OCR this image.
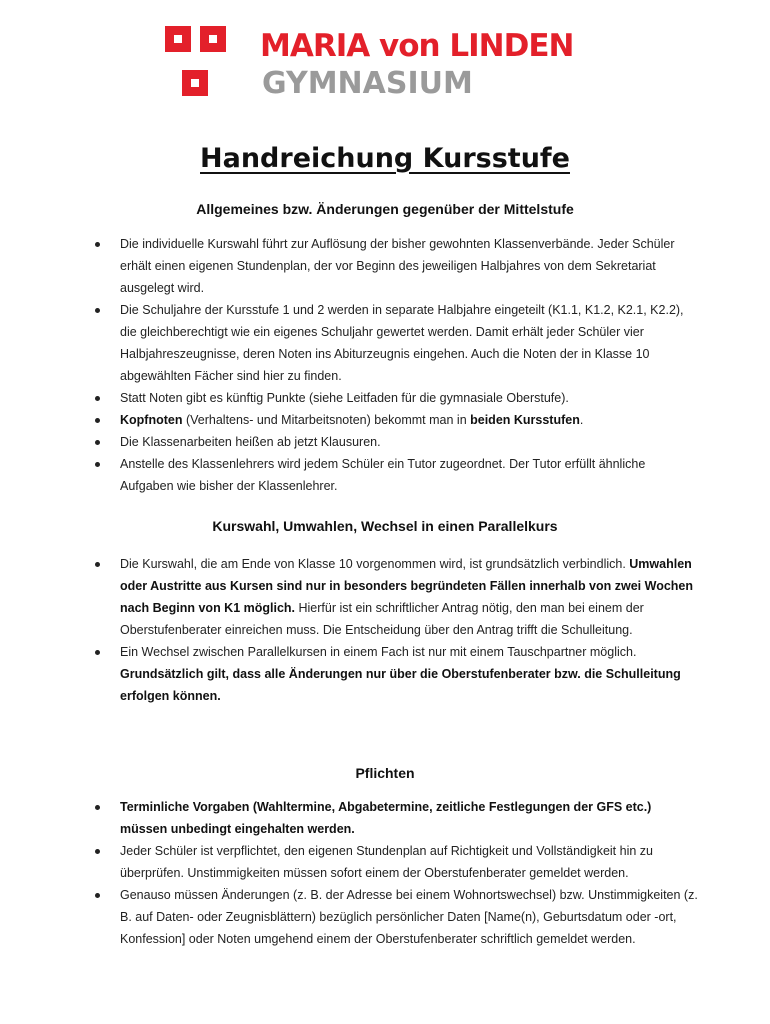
MARIA von LINDEN

GYMNASIUM

Handreichung Kursstufe
Allgemeines bzw. Änderungen gegenüber der Mittelstufe
Die individuelle Kurswahl führt zur Auflösung der bisher gewohnten Klassenverbände. Jeder Schüler erhält einen eigenen Stundenplan, der vor Beginn des jeweiligen Halbjahres von dem Sekretariat ausgelegt wird.
Die Schuljahre der Kursstufe 1 und 2 werden in separate Halbjahre eingeteilt (K1.1, K1.2, K2.1, K2.2), die gleichberechtigt wie ein eigenes Schuljahr gewertet werden. Damit erhält jeder Schüler vier Halbjahreszeugnisse, deren Noten ins Abiturzeugnis eingehen. Auch die Noten der in Klasse 10 abgewählten Fächer sind hier zu finden.
Statt Noten gibt es künftig Punkte (siehe Leitfaden für die gymnasiale Oberstufe).
Kopfnoten (Verhaltens- und Mitarbeitsnoten) bekommt man in beiden Kursstufen.
Die Klassenarbeiten heißen ab jetzt Klausuren.
Anstelle des Klassenlehrers wird jedem Schüler ein Tutor zugeordnet. Der Tutor erfüllt ähnliche Aufgaben wie bisher der Klassenlehrer.
Kurswahl, Umwahlen, Wechsel in einen Parallelkurs
Die Kurswahl, die am Ende von Klasse 10 vorgenommen wird, ist grundsätzlich verbindlich. Umwahlen oder Austritte aus Kursen sind nur in besonders begründeten Fällen innerhalb von zwei Wochen nach Beginn von K1 möglich. Hierfür ist ein schriftlicher Antrag nötig, den man bei einem der Oberstufenberater einreichen muss. Die Entscheidung über den Antrag trifft die Schulleitung.
Ein Wechsel zwischen Parallelkursen in einem Fach ist nur mit einem Tauschpartner möglich. Grundsätzlich gilt, dass alle Änderungen nur über die Oberstufenberater bzw. die Schulleitung erfolgen können.
Pflichten
Terminliche Vorgaben (Wahltermine, Abgabetermine, zeitliche Festlegungen der GFS etc.) müssen unbedingt eingehalten werden.
Jeder Schüler ist verpflichtet, den eigenen Stundenplan auf Richtigkeit und Vollständigkeit hin zu überprüfen. Unstimmigkeiten müssen sofort einem der Oberstufenberater gemeldet werden.
Genauso müssen Änderungen (z. B. der Adresse bei einem Wohnortswechsel) bzw. Unstimmigkeiten (z. B. auf Daten- oder Zeugnisblättern) bezüglich persönlicher Daten [Name(n), Geburtsdatum oder -ort, Konfession] oder Noten umgehend einem der Oberstufenberater schriftlich gemeldet werden.
